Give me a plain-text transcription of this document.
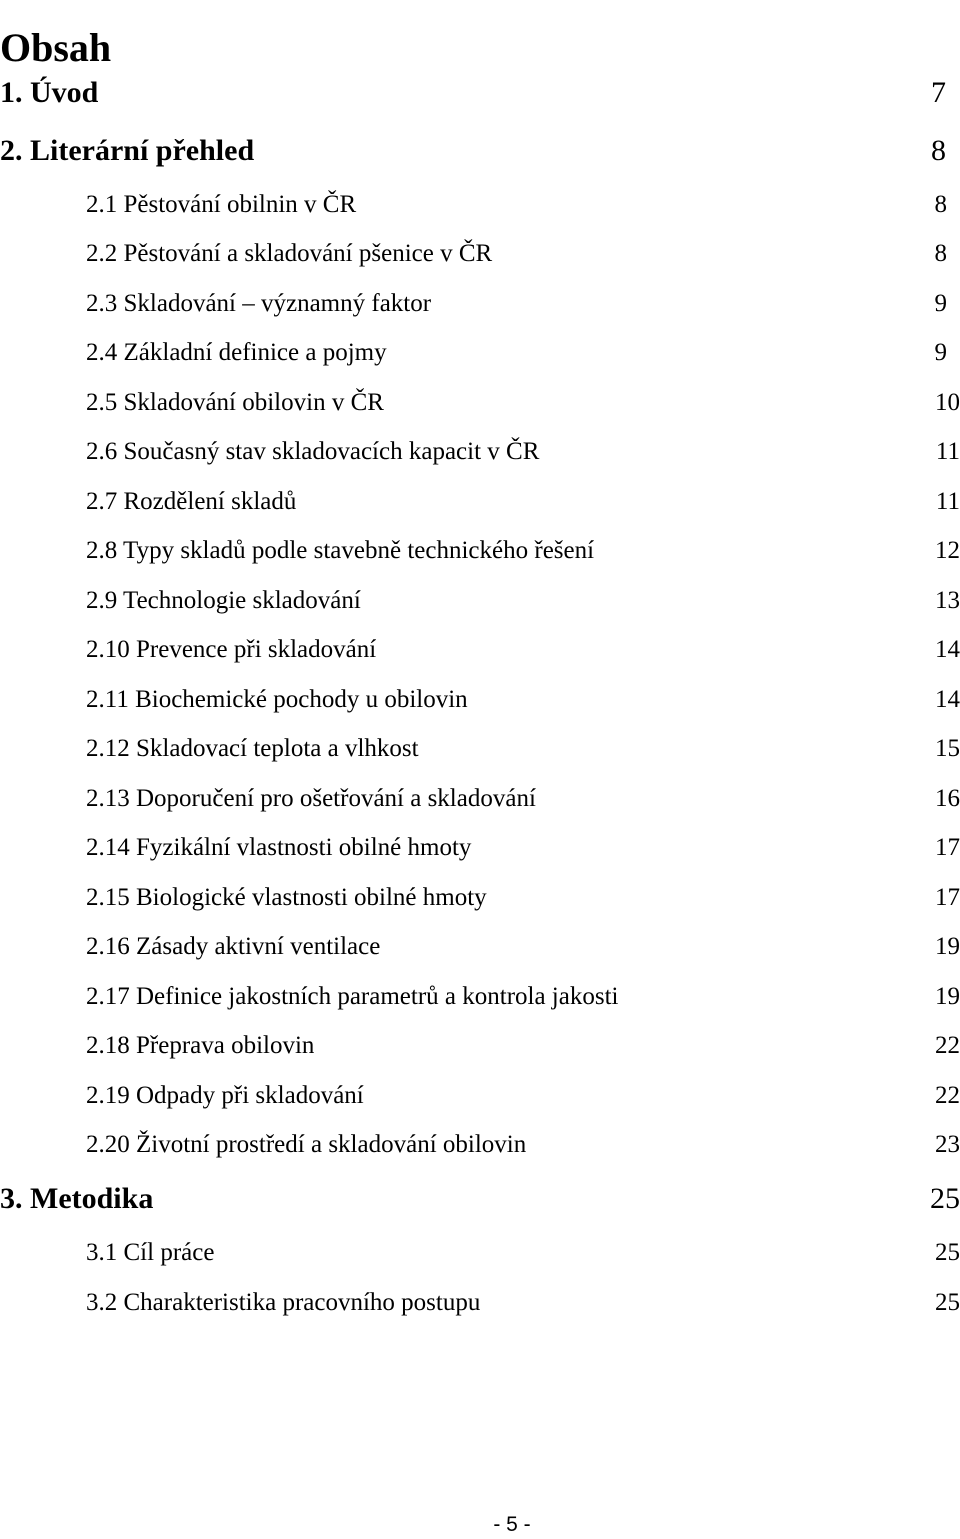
Obsah
1. Úvod	7
2. Literární přehled	8
2.1 Pěstování obilnin v ČR	8
2.2 Pěstování a skladování pšenice v ČR	8
2.3 Skladování – významný faktor	9
2.4 Základní definice a pojmy	9
2.5 Skladování obilovin v ČR	10
2.6 Současný stav skladovacích kapacit v ČR	11
2.7 Rozdělení skladů	11
2.8 Typy skladů podle stavebně technického řešení	12
2.9 Technologie skladování	13
2.10 Prevence při skladování	14
2.11 Biochemické pochody u obilovin	14
2.12 Skladovací teplota a vlhkost	15
2.13 Doporučení pro ošetřování a skladování	16
2.14 Fyzikální vlastnosti obilné hmoty	17
2.15 Biologické vlastnosti obilné hmoty	17
2.16 Zásady aktivní ventilace	19
2.17 Definice jakostních parametrů a kontrola jakosti	19
2.18 Přeprava obilovin	22
2.19 Odpady při skladování	22
2.20 Životní prostředí a skladování obilovin	23
3. Metodika	25
3.1 Cíl práce	25
3.2 Charakteristika pracovního postupu	25
- 5 -
